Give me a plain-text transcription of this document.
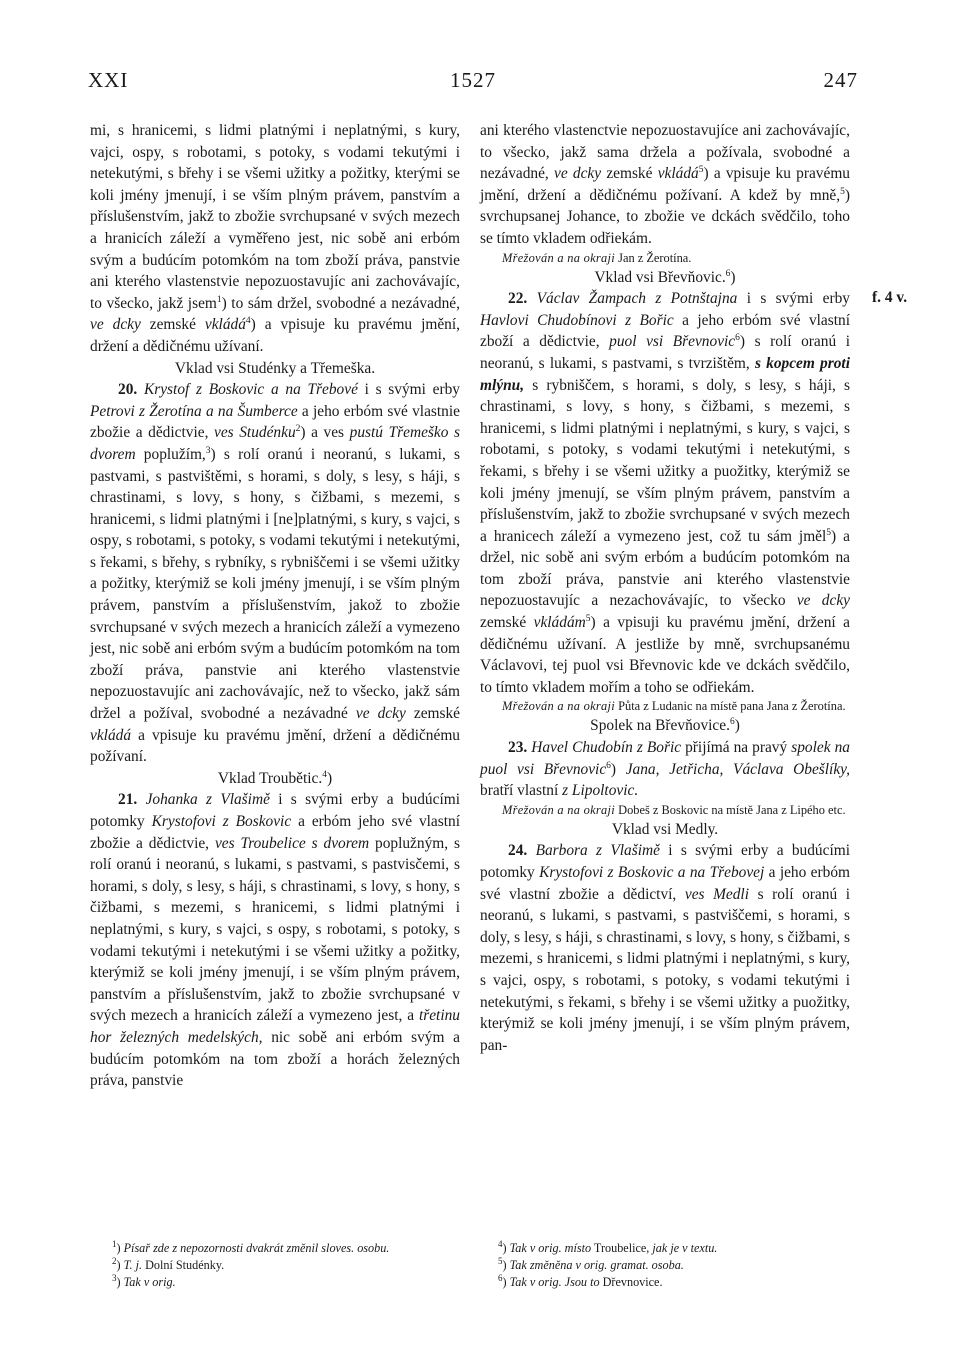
XXI	1527	247

mi, s hranicemi, s lidmi platnými i neplatnými, s kury, vajci, ospy, s robotami, s potoky, s vodami tekutými i netekutými, s břehy i se všemi užitky a požitky, kterými se koli jmény jmenují, i se vším plným právem, panstvím a příslušenstvím, jakž to zbožie svrchupsané v svých mezech a hranicích záleží a vyměřeno jest, nic sobě ani erbóm svým a budúcím potomkóm na tom zboží práva, panstvie ani kterého vlastenstvie nepozuostavujíc ani zachovávajíc, to všecko, jakž jsem$^1$) to sám držel, svobodné a nezávadné, ve dcky zemské vkládá$^4$) a vpisuje ku pravému jmění, držení a dědičnému užívaní.

Vklad vsi Studénky a Třemeška.

20. Krystof z Boskovic a na Třebové i s svými erby Petrovi z Žerotína a na Šumberce a jeho erbóm své vlastnie zbožie a dědictvie, ves Studénku$^2$) a ves pustú Třemeško s dvorem poplužím,$^3$) s rolí oranú i neoranú, s lukami, s pastvami, s pastvištěmi, s horami, s doly, s lesy, s háji, s chrastinami, s lovy, s hony, s čižbami, s mezemi, s hranicemi, s lidmi platnými i [ne]platnými, s kury, s vajci, s ospy, s robotami, s potoky, s vodami tekutými i netekutými, s řekami, s břehy, s rybníky, s rybniščemi i se všemi užitky a požitky, kterýmiž se koli jmény jmenují, i se vším plným právem, panstvím a příslušenstvím, jakož to zbožie svrchupsané v svých mezech a hranicích záleží a vymezeno jest, nic sobě ani erbóm svým a budúcím potomkóm na tom zboží práva, panstvie ani kterého vlastenstvie nepozuostavujíc ani zachovávajíc, než to všecko, jakž sám držel a požíval, svobodné a nezávadné ve dcky zemské vkládá a vpisuje ku pravému jmění, držení a dědičnému požívaní.

Vklad Troubětic.$^4$)

21. Johanka z Vlašimě i s svými erby a budúcími potomky Krystofovi z Boskovic a erbóm jeho své vlastní zbožie a dědictvie, ves Troubelice s dvorem poplužným, s rolí oranú i neoranú, s lukami, s pastvami, s pastvisčemi, s horami, s doly, s lesy, s háji, s chrastinami, s lovy, s hony, s čižbami, s mezemi, s hranicemi, s lidmi platnými i neplatnými, s kury, s vajci, s ospy, s robotami, s potoky, s vodami tekutými i netekutými i se všemi užitky a požitky, kterýmiž se koli jmény jmenují, i se vším plným právem, panstvím a příslušenstvím, jakž to zbožie svrchupsané v svých mezech a hranicích záleží a vymezeno jest, a třetinu hor železných medelských, nic sobě ani erbóm svým a budúcím potomkóm na tom zboží a horách železných práva, panstvie

f. 4 v.

ani kterého vlastenctvie nepozuostavujíce ani zachovávajíc, to všecko, jakž sama držela a požívala, svobodné a nezávadné, ve dcky zemské vkládá$^5$) a vpisuje ku pravému jmění, držení a dědičnému požívaní. A kdež by mně,$^5$) svrchupsanej Johance, to zbožie ve dckách svědčilo, toho se tímto vkladem odřiekám.

Mřežován a na okraji Jan z Žerotína.

Vklad vsi Břevňovic.$^6$)

22. Václav Žampach z Potnštajna i s svými erby Havlovi Chudobínovi z Bořic a jeho erbóm své vlastní zboží a dědictvie, puol vsi Břevnovic$^6$) s rolí oranú i neoranú, s lukami, s pastvami, s tvrzištěm, s kopcem proti mlýnu, s rybniščem, s horami, s doly, s lesy, s háji, s chrastinami, s lovy, s hony, s čižbami, s mezemi, s hranicemi, s lidmi platnými i neplatnými, s kury, s vajci, s robotami, s potoky, s vodami tekutými i netekutými, s řekami, s břehy i se všemi užitky a puožitky, kterýmiž se koli jmény jmenují, se vším plným právem, panstvím a příslušenstvím, jakž to zbožie svrchupsané v svých mezech a hranicech záleží a vymezeno jest, což tu sám jměl$^5$) a držel, nic sobě ani svým erbóm a budúcím potomkóm na tom zboží práva, panstvie ani kterého vlastenstvie nepozuostavujíc a nezachovávajíc, to všecko ve dcky zemské vkládám$^5$) a vpisuji ku pravému jmění, držení a dědičnému užívaní. A jestliže by mně, svrchupsanému Václavovi, tej puol vsi Břevnovic kde ve dckách svědčilo, to tímto vkladem mořím a toho se odřiekám.

Mřežován a na okraji Půta z Ludanic na místě pana Jana z Žerotína.

Spolek na Břevňovice.$^6$)

23. Havel Chudobín z Bořic přijímá na pravý spolek na puol vsi Břevnovic$^6$) Jana, Jetřicha, Václava Obešlíky, bratří vlastní z Lipoltovic.

Mřežován a na okraji Dobeš z Boskovic na místě Jana z Lipého etc.

Vklad vsi Medly.

24. Barbora z Vlašimě i s svými erby a budúcími potomky Krystofovi z Boskovic a na Třebovej a jeho erbóm své vlastní zbožie a dědictví, ves Medli s rolí oranú i neoranú, s lukami, s pastvami, s pastviščemi, s horami, s doly, s lesy, s háji, s chrastinami, s lovy, s hony, s čižbami, s mezemi, s hranicemi, s lidmi platnými i neplatnými, s kury, s vajci, ospy, s robotami, s potoky, s vodami tekutými i netekutými, s řekami, s břehy i se všemi užitky a puožitky, kterýmiž se koli jmény jmenují, i se vším plným právem, pan-

$^1$) Písař zde z nepozornosti dvakrát změnil sloves. osobu.

$^2$) T. j. Dolní Studénky.

$^3$) Tak v orig.

$^4$) Tak v orig. místo Troubelice, jak je v textu.

$^5$) Tak změněna v orig. gramat. osoba.

$^6$) Tak v orig. Jsou to Dřevnovice.
